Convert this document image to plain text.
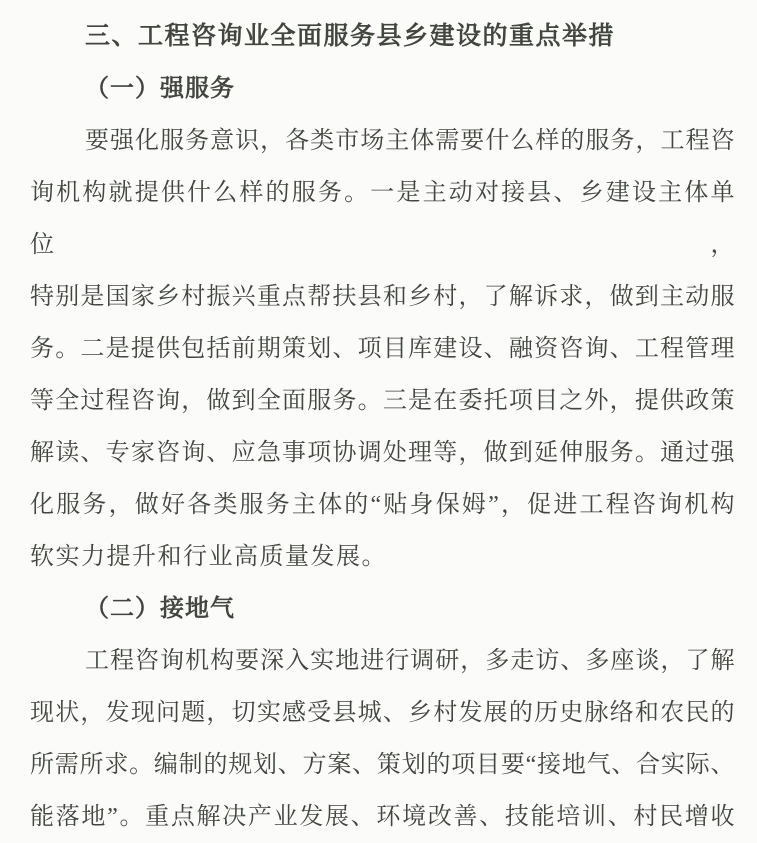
三、工程咨询业全面服务县乡建设的重点举措
（一）强服务

要强化服务意识，各类市场主体需要什么样的服务，工程咨

询机构就提供什么样的服务。一是主动对接县、乡建设主体单位，

特别是国家乡村振兴重点帮扶县和乡村，了解诉求，做到主动服

务。二是提供包括前期策划、项目库建设、融资咨询、工程管理

等全过程咨询，做到全面服务。三是在委托项目之外，提供政策

解读、专家咨询、应急事项协调处理等，做到延伸服务。通过强

化服务，做好各类服务主体的“贴身保姆”，促进工程咨询机构

软实力提升和行业高质量发展。

（二）接地气

工程咨询机构要深入实地进行调研，多走访、多座谈，了解

现状，发现问题，切实感受县城、乡村发展的历史脉络和农民的

所需所求。编制的规划、方案、策划的项目要“接地气、合实际、

能落地”。重点解决产业发展、环境改善、技能培训、村民增收
